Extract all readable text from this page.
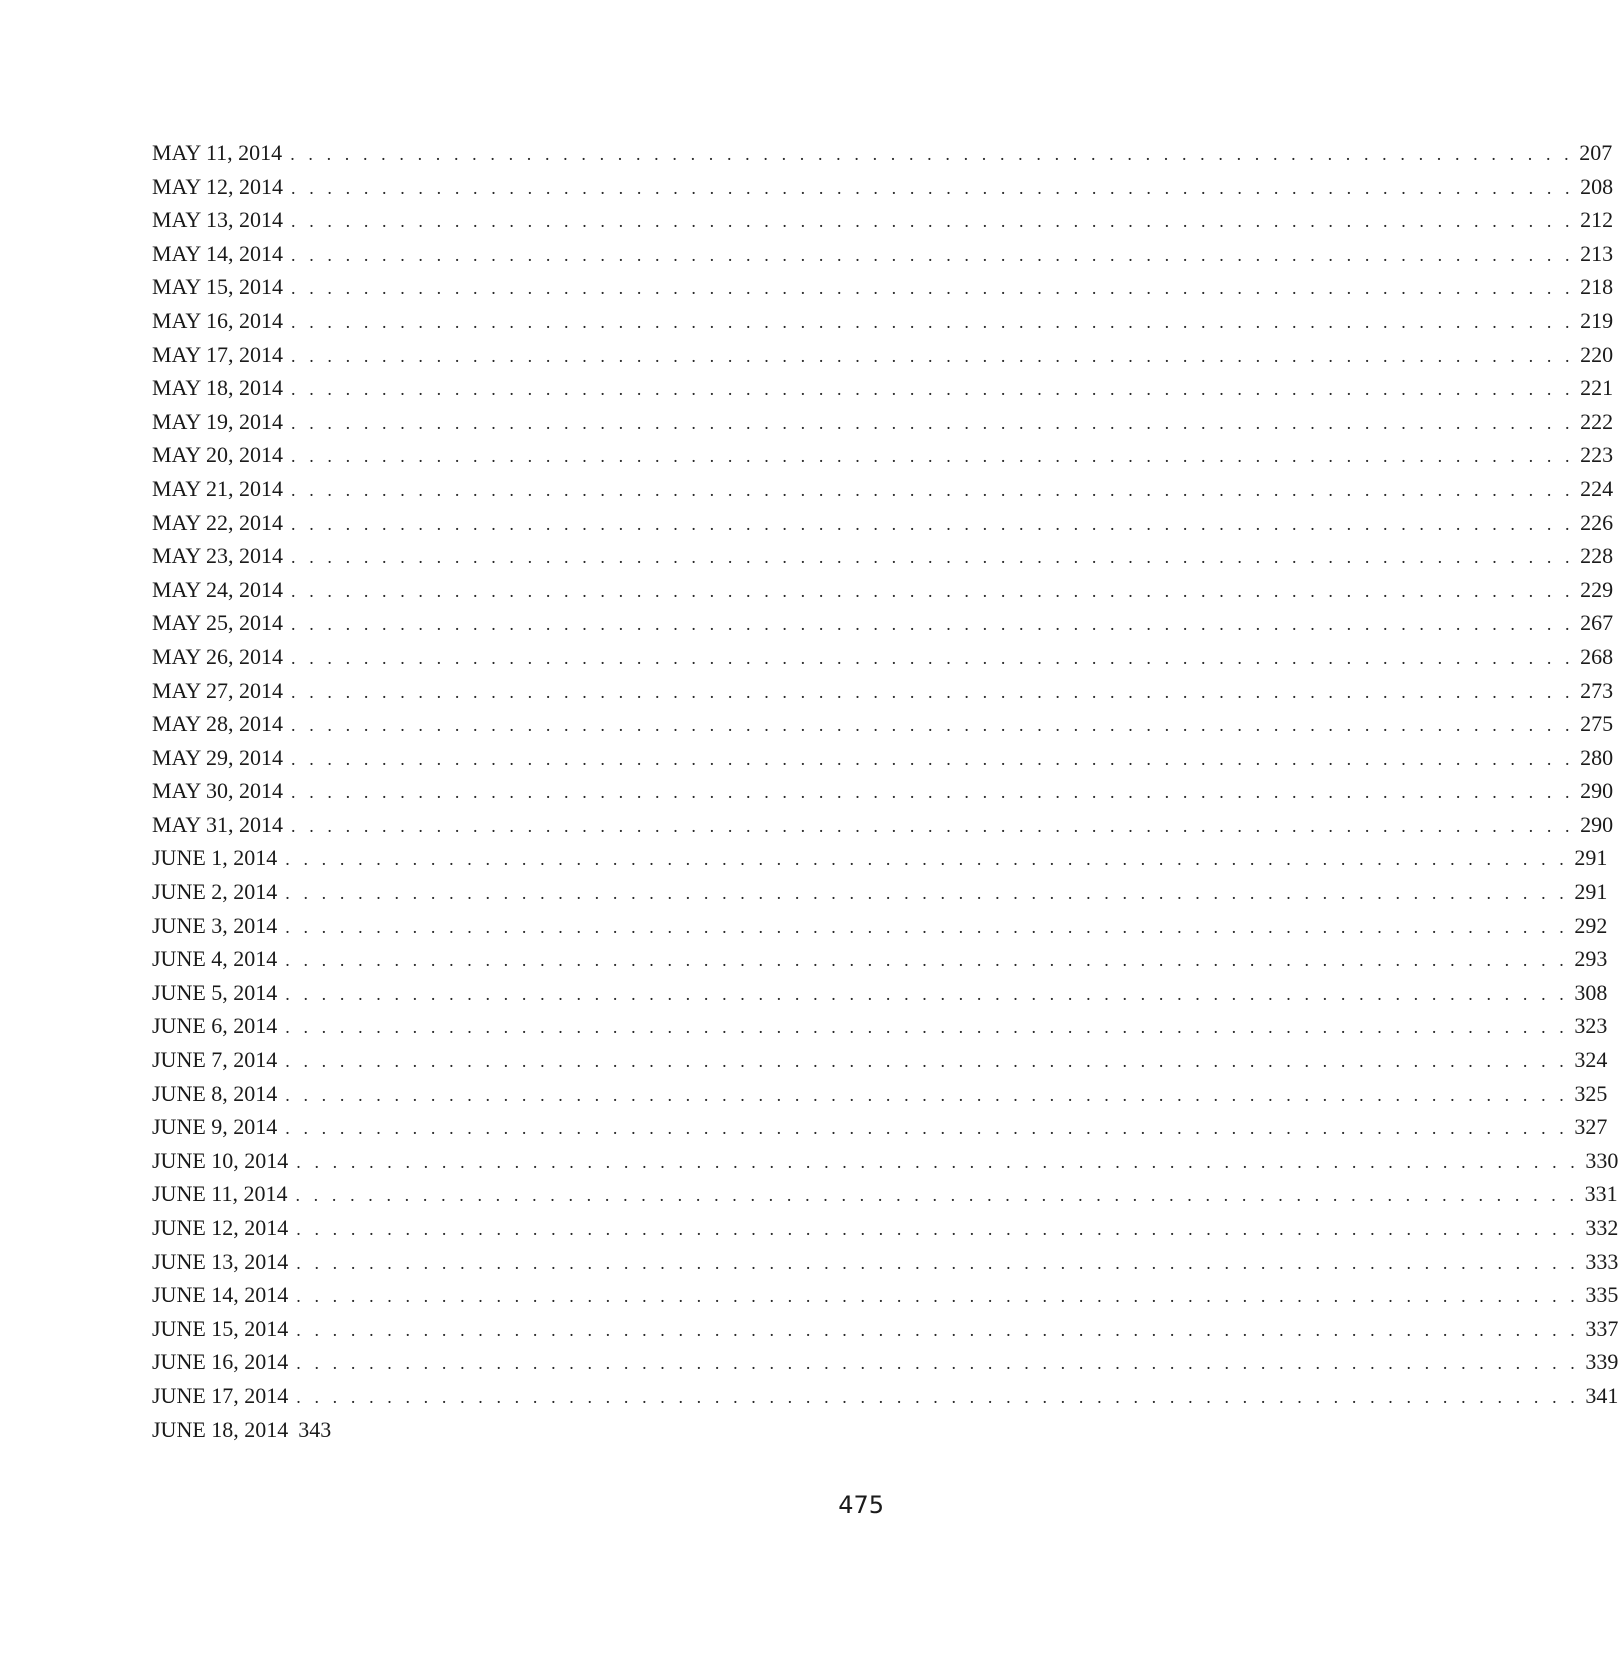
MAY 11, 2014 . . . . . . . . . . . . . . . . . . . . . . . . . . . . . . . . . . . . . . . . . . . . . . . . . . . . . . . . . . . . . . . . . . . . . . . 207
MAY 12, 2014 . . . . . . . . . . . . . . . . . . . . . . . . . . . . . . . . . . . . . . . . . . . . . . . . . . . . . . . . . . . . . . . . . . . . . . . 208
MAY 13, 2014 . . . . . . . . . . . . . . . . . . . . . . . . . . . . . . . . . . . . . . . . . . . . . . . . . . . . . . . . . . . . . . . . . . . . . . . 212
MAY 14, 2014 . . . . . . . . . . . . . . . . . . . . . . . . . . . . . . . . . . . . . . . . . . . . . . . . . . . . . . . . . . . . . . . . . . . . . . . 213
MAY 15, 2014 . . . . . . . . . . . . . . . . . . . . . . . . . . . . . . . . . . . . . . . . . . . . . . . . . . . . . . . . . . . . . . . . . . . . . . . 218
MAY 16, 2014 . . . . . . . . . . . . . . . . . . . . . . . . . . . . . . . . . . . . . . . . . . . . . . . . . . . . . . . . . . . . . . . . . . . . . . . 219
MAY 17, 2014 . . . . . . . . . . . . . . . . . . . . . . . . . . . . . . . . . . . . . . . . . . . . . . . . . . . . . . . . . . . . . . . . . . . . . . . 220
MAY 18, 2014 . . . . . . . . . . . . . . . . . . . . . . . . . . . . . . . . . . . . . . . . . . . . . . . . . . . . . . . . . . . . . . . . . . . . . . . 221
MAY 19, 2014 . . . . . . . . . . . . . . . . . . . . . . . . . . . . . . . . . . . . . . . . . . . . . . . . . . . . . . . . . . . . . . . . . . . . . . . 222
MAY 20, 2014 . . . . . . . . . . . . . . . . . . . . . . . . . . . . . . . . . . . . . . . . . . . . . . . . . . . . . . . . . . . . . . . . . . . . . . . 223
MAY 21, 2014 . . . . . . . . . . . . . . . . . . . . . . . . . . . . . . . . . . . . . . . . . . . . . . . . . . . . . . . . . . . . . . . . . . . . . . . 224
MAY 22, 2014 . . . . . . . . . . . . . . . . . . . . . . . . . . . . . . . . . . . . . . . . . . . . . . . . . . . . . . . . . . . . . . . . . . . . . . . 226
MAY 23, 2014 . . . . . . . . . . . . . . . . . . . . . . . . . . . . . . . . . . . . . . . . . . . . . . . . . . . . . . . . . . . . . . . . . . . . . . . 228
MAY 24, 2014 . . . . . . . . . . . . . . . . . . . . . . . . . . . . . . . . . . . . . . . . . . . . . . . . . . . . . . . . . . . . . . . . . . . . . . . 229
MAY 25, 2014 . . . . . . . . . . . . . . . . . . . . . . . . . . . . . . . . . . . . . . . . . . . . . . . . . . . . . . . . . . . . . . . . . . . . . . . 267
MAY 26, 2014 . . . . . . . . . . . . . . . . . . . . . . . . . . . . . . . . . . . . . . . . . . . . . . . . . . . . . . . . . . . . . . . . . . . . . . . 268
MAY 27, 2014 . . . . . . . . . . . . . . . . . . . . . . . . . . . . . . . . . . . . . . . . . . . . . . . . . . . . . . . . . . . . . . . . . . . . . . . 273
MAY 28, 2014 . . . . . . . . . . . . . . . . . . . . . . . . . . . . . . . . . . . . . . . . . . . . . . . . . . . . . . . . . . . . . . . . . . . . . . . 275
MAY 29, 2014 . . . . . . . . . . . . . . . . . . . . . . . . . . . . . . . . . . . . . . . . . . . . . . . . . . . . . . . . . . . . . . . . . . . . . . . 280
MAY 30, 2014 . . . . . . . . . . . . . . . . . . . . . . . . . . . . . . . . . . . . . . . . . . . . . . . . . . . . . . . . . . . . . . . . . . . . . . . 290
MAY 31, 2014 . . . . . . . . . . . . . . . . . . . . . . . . . . . . . . . . . . . . . . . . . . . . . . . . . . . . . . . . . . . . . . . . . . . . . . . 290
JUNE 1, 2014 . . . . . . . . . . . . . . . . . . . . . . . . . . . . . . . . . . . . . . . . . . . . . . . . . . . . . . . . . . . . . . . . . . . . . . . 291
JUNE 2, 2014 . . . . . . . . . . . . . . . . . . . . . . . . . . . . . . . . . . . . . . . . . . . . . . . . . . . . . . . . . . . . . . . . . . . . . . . 291
JUNE 3, 2014 . . . . . . . . . . . . . . . . . . . . . . . . . . . . . . . . . . . . . . . . . . . . . . . . . . . . . . . . . . . . . . . . . . . . . . . 292
JUNE 4, 2014 . . . . . . . . . . . . . . . . . . . . . . . . . . . . . . . . . . . . . . . . . . . . . . . . . . . . . . . . . . . . . . . . . . . . . . . 293
JUNE 5, 2014 . . . . . . . . . . . . . . . . . . . . . . . . . . . . . . . . . . . . . . . . . . . . . . . . . . . . . . . . . . . . . . . . . . . . . . . 308
JUNE 6, 2014 . . . . . . . . . . . . . . . . . . . . . . . . . . . . . . . . . . . . . . . . . . . . . . . . . . . . . . . . . . . . . . . . . . . . . . . 323
JUNE 7, 2014 . . . . . . . . . . . . . . . . . . . . . . . . . . . . . . . . . . . . . . . . . . . . . . . . . . . . . . . . . . . . . . . . . . . . . . . 324
JUNE 8, 2014 . . . . . . . . . . . . . . . . . . . . . . . . . . . . . . . . . . . . . . . . . . . . . . . . . . . . . . . . . . . . . . . . . . . . . . . 325
JUNE 9, 2014 . . . . . . . . . . . . . . . . . . . . . . . . . . . . . . . . . . . . . . . . . . . . . . . . . . . . . . . . . . . . . . . . . . . . . . . 327
JUNE 10, 2014 . . . . . . . . . . . . . . . . . . . . . . . . . . . . . . . . . . . . . . . . . . . . . . . . . . . . . . . . . . . . . . . . . . . . . . . 330
JUNE 11, 2014 . . . . . . . . . . . . . . . . . . . . . . . . . . . . . . . . . . . . . . . . . . . . . . . . . . . . . . . . . . . . . . . . . . . . . . . 331
JUNE 12, 2014 . . . . . . . . . . . . . . . . . . . . . . . . . . . . . . . . . . . . . . . . . . . . . . . . . . . . . . . . . . . . . . . . . . . . . . . 332
JUNE 13, 2014 . . . . . . . . . . . . . . . . . . . . . . . . . . . . . . . . . . . . . . . . . . . . . . . . . . . . . . . . . . . . . . . . . . . . . . . 333
JUNE 14, 2014 . . . . . . . . . . . . . . . . . . . . . . . . . . . . . . . . . . . . . . . . . . . . . . . . . . . . . . . . . . . . . . . . . . . . . . . 335
JUNE 15, 2014 . . . . . . . . . . . . . . . . . . . . . . . . . . . . . . . . . . . . . . . . . . . . . . . . . . . . . . . . . . . . . . . . . . . . . . . 337
JUNE 16, 2014 . . . . . . . . . . . . . . . . . . . . . . . . . . . . . . . . . . . . . . . . . . . . . . . . . . . . . . . . . . . . . . . . . . . . . . . 339
JUNE 17, 2014 . . . . . . . . . . . . . . . . . . . . . . . . . . . . . . . . . . . . . . . . . . . . . . . . . . . . . . . . . . . . . . . . . . . . . . . 341
JUNE 18, 2014 343
475
